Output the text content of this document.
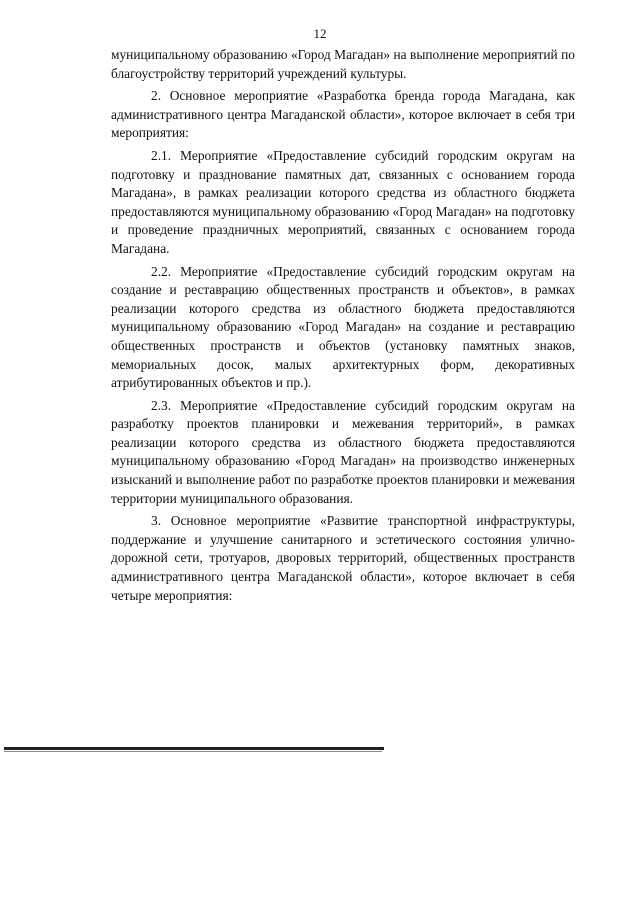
12

муниципальному образованию «Город Магадан» на выполнение мероприятий по благоустройству территорий учреждений культуры.

2. Основное мероприятие «Разработка бренда города Магадана, как административного центра Магаданской области», которое включает в себя три мероприятия:

2.1. Мероприятие «Предоставление субсидий городским округам на подготовку и празднование памятных дат, связанных с основанием города Магадана», в рамках реализации которого средства из областного бюджета предоставляются муниципальному образованию «Город Магадан» на подготовку и проведение праздничных мероприятий, связанных с основанием города Магадана.

2.2. Мероприятие «Предоставление субсидий городским округам на создание и реставрацию общественных пространств и объектов», в рамках реализации которого средства из областного бюджета предоставляются муниципальному образованию «Город Магадан» на создание и реставрацию общественных пространств и объектов (установку памятных знаков, мемориальных досок, малых архитектурных форм, декоративных атрибутированных объектов и пр.).

2.3. Мероприятие «Предоставление субсидий городским округам на разработку проектов планировки и межевания территорий», в рамках реализации которого средства из областного бюджета предоставляются муниципальному образованию «Город Магадан» на производство инженерных изысканий и выполнение работ по разработке проектов планировки и межевания территории муниципального образования.

3. Основное мероприятие «Развитие транспортной инфраструктуры, поддержание и улучшение санитарного и эстетического состояния улично-дорожной сети, тротуаров, дворовых территорий, общественных пространств административного центра Магаданской области», которое включает в себя четыре мероприятия:
